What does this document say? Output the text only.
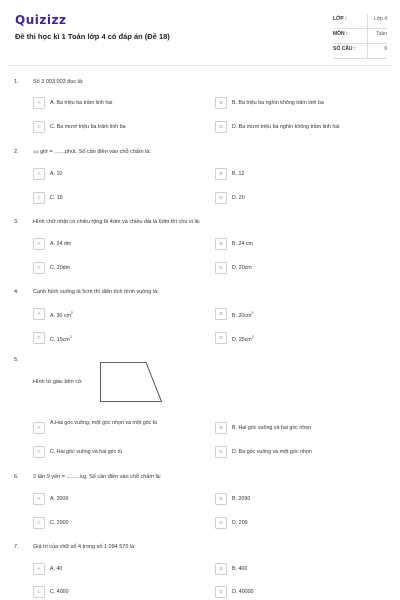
Quizizz
Đề thi học kì 1 Toán lớp 4 có đáp án (Đề 18)
LỚP :	Lớp 4
MÔN :	Toán
SỐ CÂU :	9
1.	Số 3 003 003 đọc là:
A	A. Ba triệu ba trăm linh hai	B	B. Ba triệu ba nghìn không trăm linh ba
C	C. Ba mươi triệu ba trăm linh ba	D	D. Ba mươi triệu ba nghìn không trăm linh hai
2.	1/4 giờ = .......phút. Số cần điền vào chỗ chấm là:
A	A. 10	B	B. 12
C	C. 15	D	D. 20
3.	Hình chữ nhật có chiều rộng là 4dm và chiều dài là 6dm thì chu vi là:
A	A. 24 dm	B	B. 24 cm
C	C. 20dm	D	D. 20cm
4.	Cạnh hình vuông là 5cm thì diện tích hình vuông là:
A	A. 30 $cm^2$	B	B. $20cm^2$
C	C. $15cm^2$	D	D. $25cm^2$
5.
Hình tứ giác bên có:
A
A.Hai góc vuông, một góc nhọn và một góc tù
B	B. Hai góc vuông và hai góc nhọn
C	C. Hai góc vuông và hai góc tù	D	D. Ba góc vuông và một góc nhọn
6.	2 tấn 9 yến = .........kg. Số cần điền vào chỗ chấm là:
A	A. 2009	B	B. 2090
C	C. 2900	D	D. 209
7.	Giá trị của chữ số 4 trong số 1 094 570 là:
A	A. 40	B	B. 400
C	C. 4000	D	D. 40000
